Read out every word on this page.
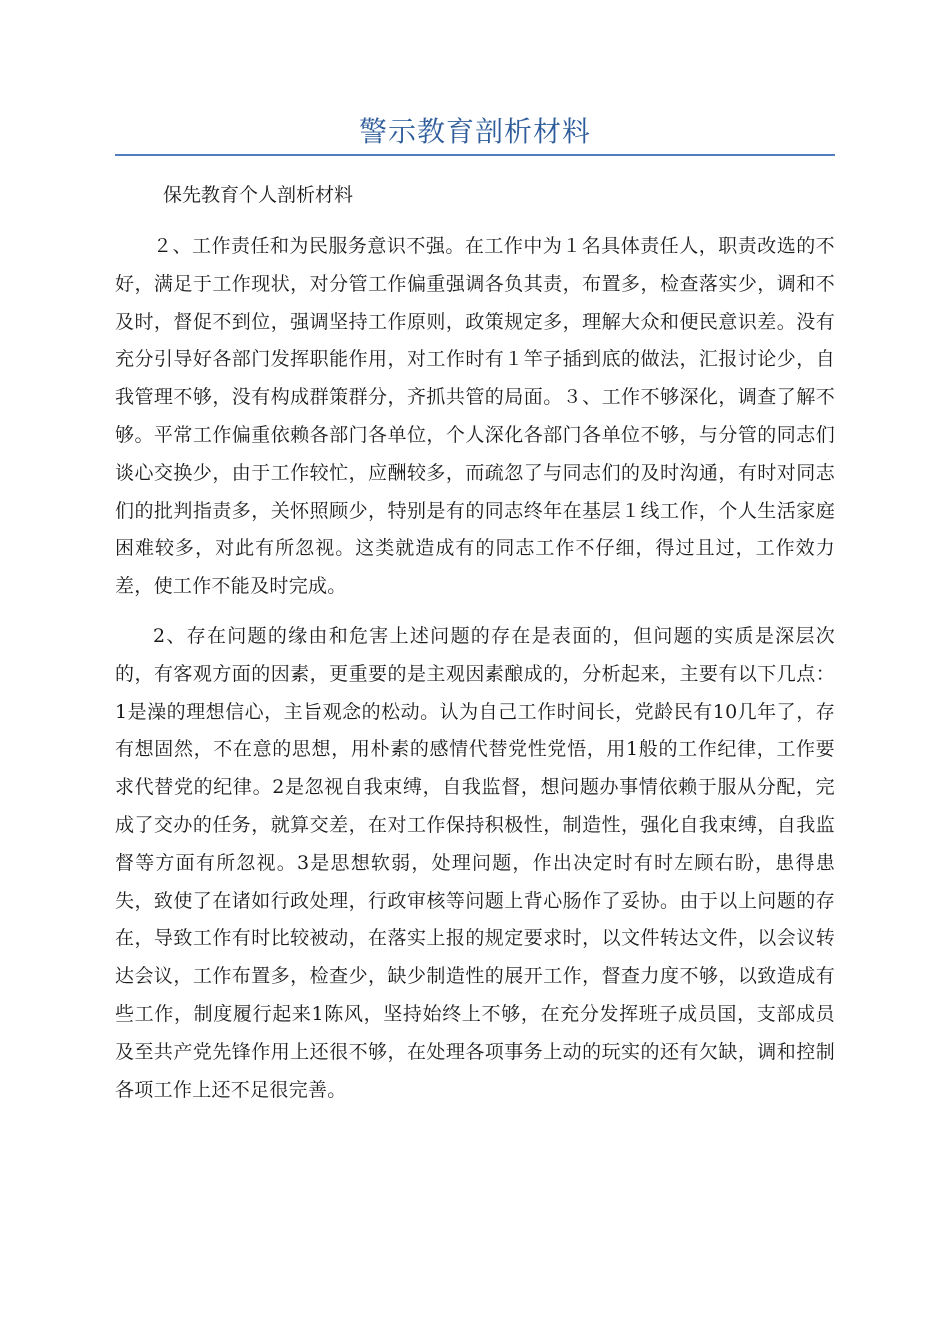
警示教育剖析材料

保先教育个人剖析材料

２、工作责任和为民服务意识不强。在工作中为１名具体责任人，职责改选的不好，满足于工作现状，对分管工作偏重强调各负其责，布置多，检查落实少，调和不及时，督促不到位，强调坚持工作原则，政策规定多，理解大众和便民意识差。没有充分引导好各部门发挥职能作用，对工作时有１竿子插到底的做法，汇报讨论少，自我管理不够，没有构成群策群分，齐抓共管的局面。３、工作不够深化，调查了解不够。平常工作偏重依赖各部门各单位，个人深化各部门各单位不够，与分管的同志们谈心交换少，由于工作较忙，应酬较多，而疏忽了与同志们的及时沟通，有时对同志们的批判指责多，关怀照顾少，特别是有的同志终年在基层１线工作，个人生活家庭困难较多，对此有所忽视。这类就造成有的同志工作不仔细，得过且过，工作效力差，使工作不能及时完成。

2、存在问题的缘由和危害上述问题的存在是表面的，但问题的实质是深层次的，有客观方面的因素，更重要的是主观因素酿成的，分析起来，主要有以下几点：1是澡的理想信心，主旨观念的松动。认为自己工作时间长，党龄民有10几年了，存有想固然，不在意的思想，用朴素的感情代替党性党悟，用1般的工作纪律，工作要求代替党的纪律。2是忽视自我束缚，自我监督，想问题办事情依赖于服从分配，完成了交办的任务，就算交差，在对工作保持积极性，制造性，强化自我束缚，自我监督等方面有所忽视。3是思想软弱，处理问题，作出决定时有时左顾右盼，患得患失，致使了在诸如行政处理，行政审核等问题上背心肠作了妥协。由于以上问题的存在，导致工作有时比较被动，在落实上报的规定要求时，以文件转达文件，以会议转达会议，工作布置多，检查少，缺少制造性的展开工作，督查力度不够，以致造成有些工作，制度履行起来1陈风，坚持始终上不够，在充分发挥班子成员国，支部成员及至共产党先锋作用上还很不够，在处理各项事务上动的玩实的还有欠缺，调和控制各项工作上还不足很完善。
